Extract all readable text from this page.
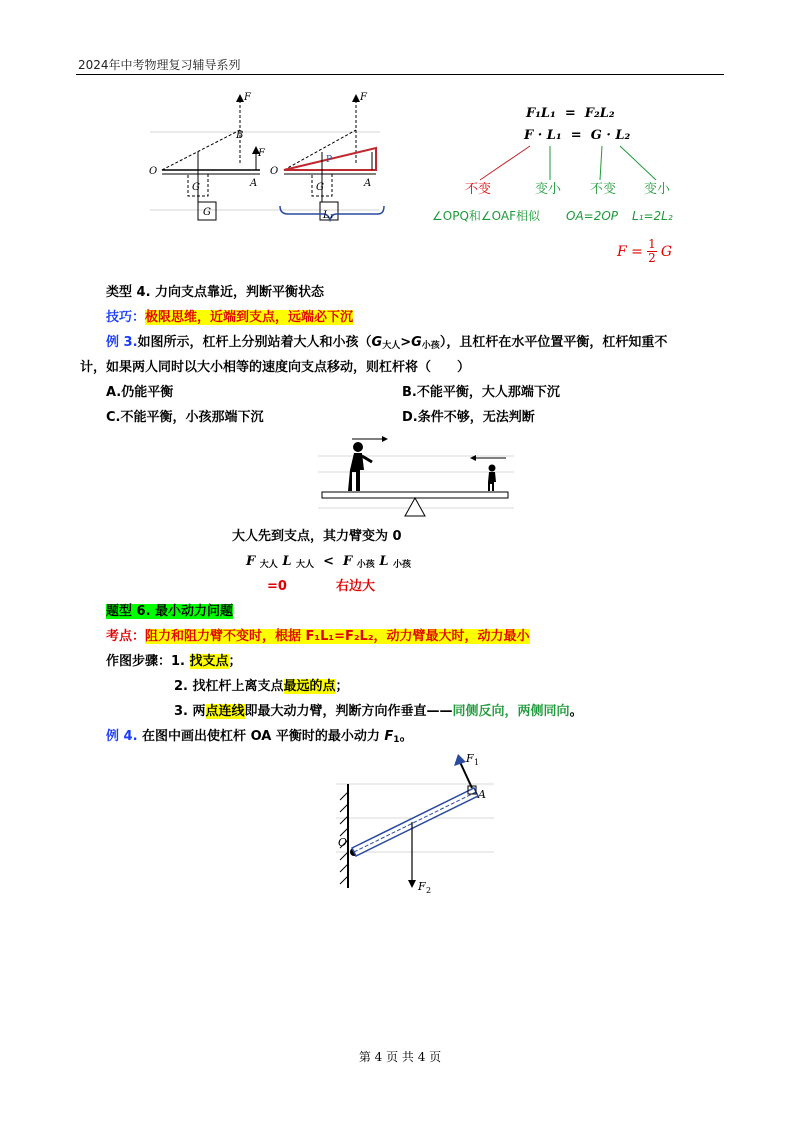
2024年中考物理复习辅导系列
O
F
B
F
A
G
G
O
F
A
P
G
L₁
F₁L₁ = F₂L₂
F · L₁ = G · L₂
不变	变小 不变 变小
∠OPQ和∠OAF相似 OA=2OP L₁=2L₂
F = 1
2 G
类型 4. 力向支点靠近，判断平衡状态
技巧：极限思维，近端到支点，远端必下沉
例 3.如图所示，杠杆上分别站着大人和小孩$(G_{大人}>G_{小孩})$，且杠杆在水平位置平衡，杠杆知重不
计，如果两人同时以大小相等的速度向支点移动，则杠杆将（　　）
A.仍能平衡	B.不能平衡，大人那端下沉
C.不能平衡，小孩那端下沉	D.条件不够，无法判断
大人先到支点，其力臂变为 0
F $_{大人}$ L $_{大人}$ < F $_{小孩}$ L $_{小孩}$
=0	右边大
题型 6. 最小动力问题
考点：阻力和阻力臂不变时，根据 F₁L₁=F₂L₂，动力臂最大时，动力最小
作图步骤：1. 找支点；
2. 找杠杆上离支点最远的点；
3. 两点连线即最大动力臂，判断方向作垂直——同侧反向，两侧同向。
例 4. 在图中画出使杠杆 OA 平衡时的最小动力 $F_1$。
O
A
F 1
F 2
第 4 页 共 4 页
